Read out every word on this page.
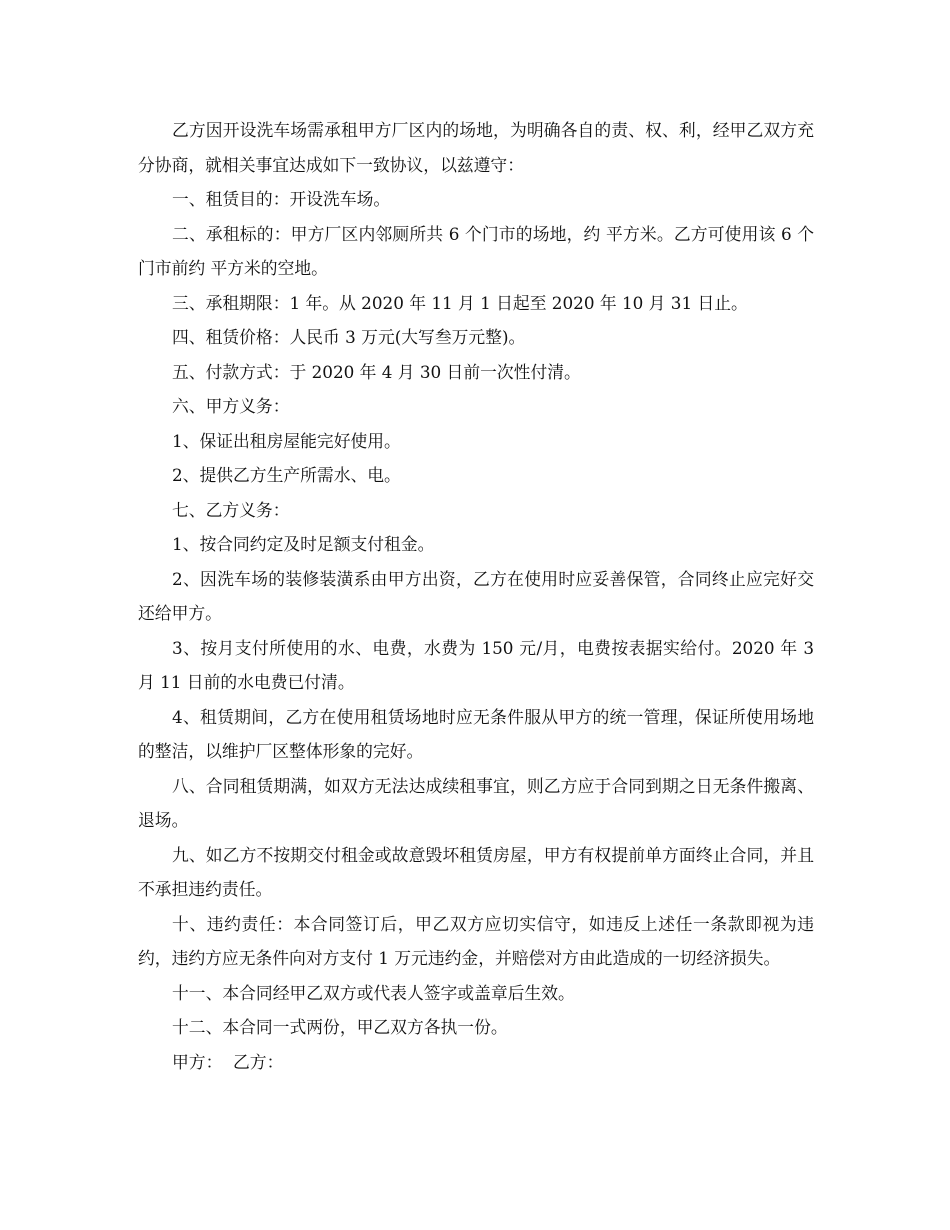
乙方因开设洗车场需承租甲方厂区内的场地，为明确各自的责、权、利，经甲乙双方充分协商，就相关事宜达成如下一致协议，以兹遵守：

一、租赁目的：开设洗车场。

二、承租标的：甲方厂区内邻厕所共 6 个门市的场地，约 平方米。乙方可使用该 6 个门市前约 平方米的空地。

三、承租期限：1 年。从 2020 年 11 月 1 日起至 2020 年 10 月 31 日止。

四、租赁价格：人民币 3 万元(大写叁万元整)。

五、付款方式：于 2020 年 4 月 30 日前一次性付清。

六、甲方义务：

1、保证出租房屋能完好使用。

2、提供乙方生产所需水、电。

七、乙方义务：

1、按合同约定及时足额支付租金。

2、因洗车场的装修装潢系由甲方出资，乙方在使用时应妥善保管，合同终止应完好交还给甲方。

3、按月支付所使用的水、电费，水费为 150 元/月，电费按表据实给付。2020 年 3 月 11 日前的水电费已付清。

4、租赁期间，乙方在使用租赁场地时应无条件服从甲方的统一管理，保证所使用场地的整洁，以维护厂区整体形象的完好。

八、合同租赁期满，如双方无法达成续租事宜，则乙方应于合同到期之日无条件搬离、退场。

九、如乙方不按期交付租金或故意毁坏租赁房屋，甲方有权提前单方面终止合同，并且不承担违约责任。

十、违约责任：本合同签订后，甲乙双方应切实信守，如违反上述任一条款即视为违约，违约方应无条件向对方支付 1 万元违约金，并赔偿对方由此造成的一切经济损失。

十一、本合同经甲乙双方或代表人签字或盖章后生效。

十二、本合同一式两份，甲乙双方各执一份。

甲方：  乙方：
